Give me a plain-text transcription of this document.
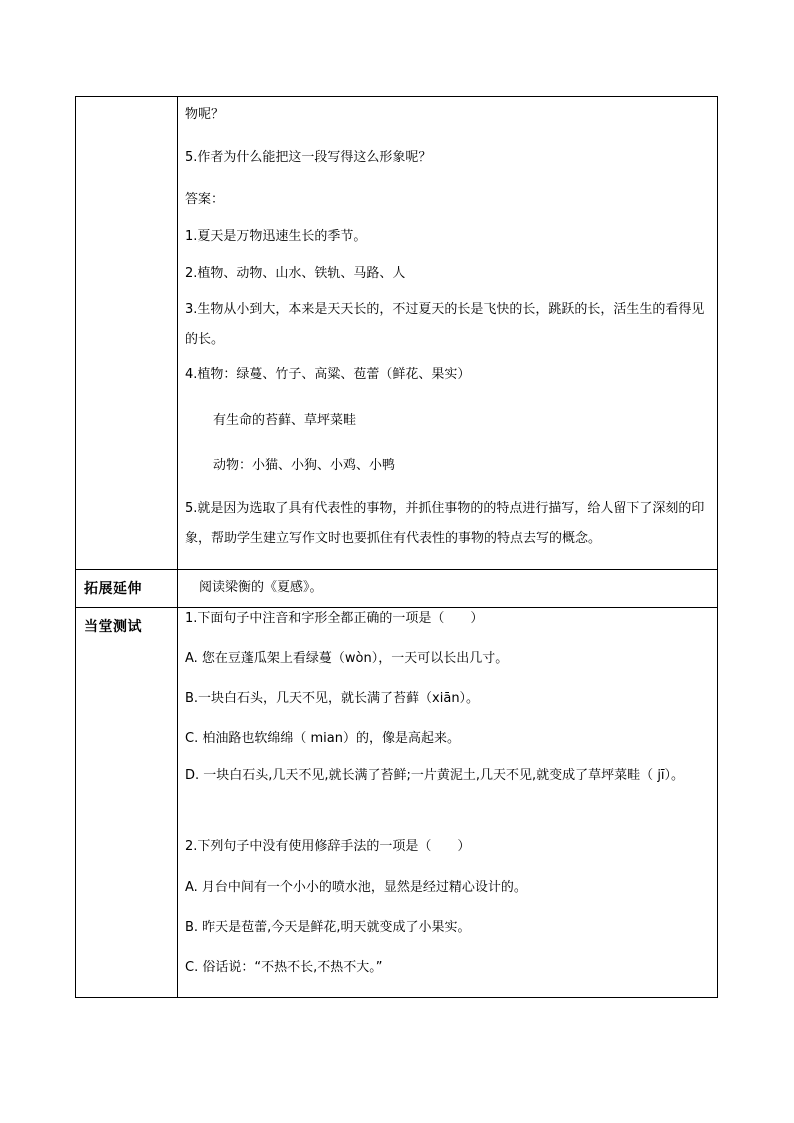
物呢？
5.作者为什么能把这一段写得这么形象呢？
答案：
1.夏天是万物迅速生长的季节。
2.植物、动物、山水、铁轨、马路、人
3.生物从小到大，本来是天天长的，不过夏天的长是飞快的长，跳跃的长，活生生的看得见的长。
4.植物：绿蔓、竹子、高粱、苞蕾（鲜花、果实）
有生命的苔藓、草坪菜畦
动物：小猫、小狗、小鸡、小鸭
5.就是因为选取了具有代表性的事物，并抓住事物的的特点进行描写，给人留下了深刻的印象，帮助学生建立写作文时也要抓住有代表性的事物的特点去写的概念。
拓展延伸	阅读梁衡的《夏感》。
当堂测试
1.下面句子中注音和字形全都正确的一项是（　　）
A. 您在豆蓬瓜架上看绿蔓（wòn），一天可以长出几寸。
B.一块白石头，几天不见，就长满了苔藓（xiān）。
C. 柏油路也软绵绵（ mian）的，像是高起来。
D. 一块白石头,几天不见,就长满了苔鲜;一片黄泥土,几天不见,就变成了草坪菜畦（ jī）。
2.下列句子中没有使用修辞手法的一项是（　　）
A. 月台中间有一个小小的喷水池，显然是经过精心设计的。
B. 昨天是苞蕾,今天是鲜花,明天就变成了小果实。
C. 俗话说：“不热不长,不热不大。”
